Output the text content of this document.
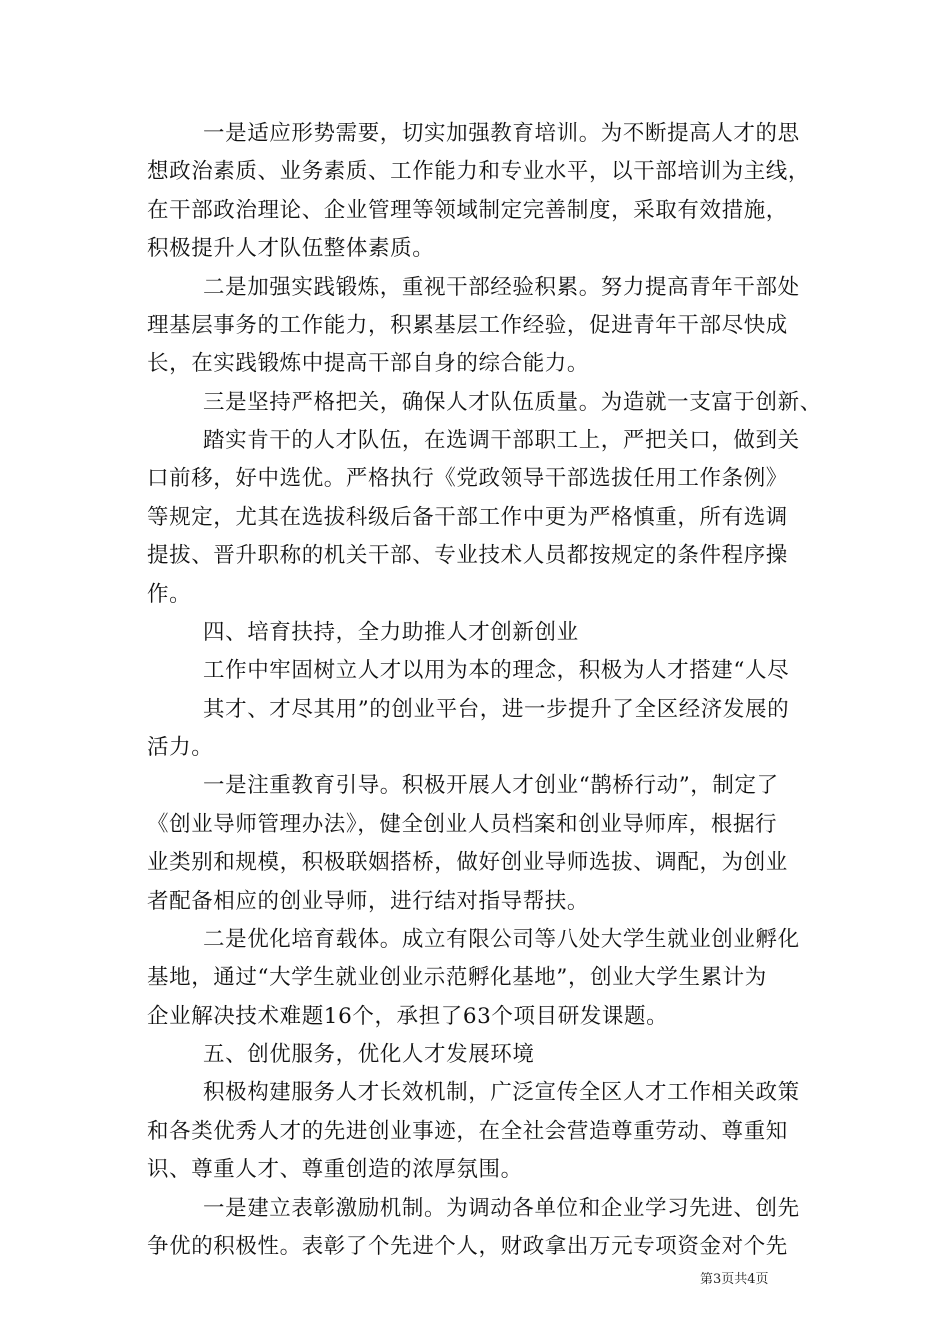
一是适应形势需要，切实加强教育培训。为不断提高人才的思
想政治素质、业务素质、工作能力和专业水平，以干部培训为主线，
在干部政治理论、企业管理等领域制定完善制度，采取有效措施，
积极提升人才队伍整体素质。
二是加强实践锻炼，重视干部经验积累。努力提高青年干部处
理基层事务的工作能力，积累基层工作经验，促进青年干部尽快成
长，在实践锻炼中提高干部自身的综合能力。
三是坚持严格把关，确保人才队伍质量。为造就一支富于创新、
踏实肯干的人才队伍，在选调干部职工上，严把关口，做到关
口前移，好中选优。严格执行《党政领导干部选拔任用工作条例》
等规定，尤其在选拔科级后备干部工作中更为严格慎重，所有选调
提拔、晋升职称的机关干部、专业技术人员都按规定的条件程序操
作。
四、培育扶持，全力助推人才创新创业
工作中牢固树立人才以用为本的理念，积极为人才搭建“人尽
其才、才尽其用”的创业平台，进一步提升了全区经济发展的
活力。
一是注重教育引导。积极开展人才创业“鹊桥行动”，制定了
《创业导师管理办法》，健全创业人员档案和创业导师库，根据行
业类别和规模，积极联姻搭桥，做好创业导师选拔、调配，为创业
者配备相应的创业导师，进行结对指导帮扶。
二是优化培育载体。成立有限公司等八处大学生就业创业孵化
基地，通过“大学生就业创业示范孵化基地”，创业大学生累计为
企业解决技术难题16个，承担了63个项目研发课题。
五、创优服务，优化人才发展环境
积极构建服务人才长效机制，广泛宣传全区人才工作相关政策
和各类优秀人才的先进创业事迹，在全社会营造尊重劳动、尊重知
识、尊重人才、尊重创造的浓厚氛围。
一是建立表彰激励机制。为调动各单位和企业学习先进、创先
争优的积极性。表彰了个先进个人，财政拿出万元专项资金对个先
第3页共4页
